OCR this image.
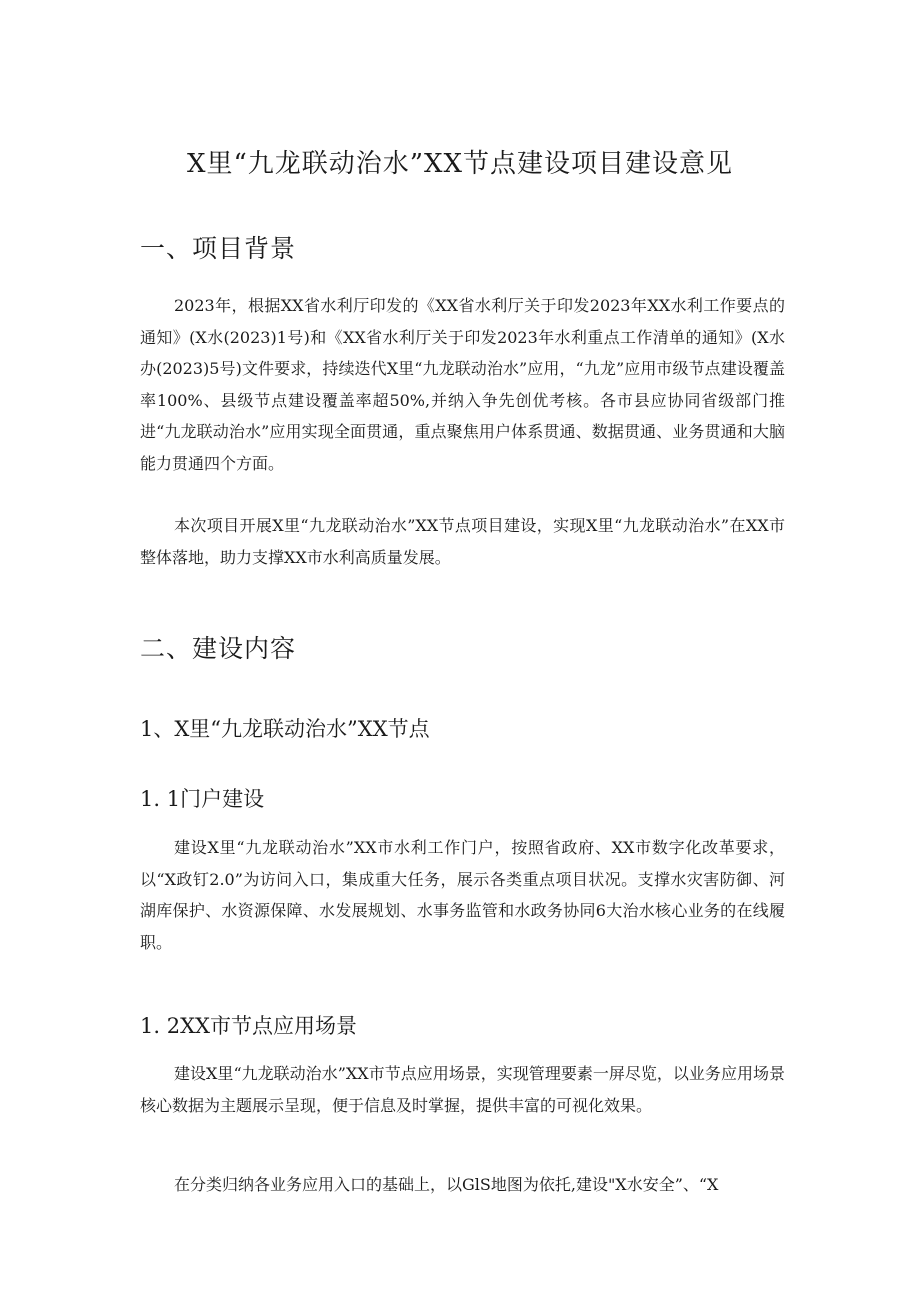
X里“九龙联动治水”XX节点建设项目建设意见
一、项目背景

2023年，根据XX省水利厅印发的《XX省水利厅关于印发2023年XX水利工作要点的通知》(X水(2023)1号)和《XX省水利厅关于印发2023年水利重点工作清单的通知》(X水办(2023)5号)文件要求，持续迭代X里“九龙联动治水”应用，“九龙”应用市级节点建设覆盖率100%、县级节点建设覆盖率超50%,并纳入争先创优考核。各市县应协同省级部门推进“九龙联动治水”应用实现全面贯通，重点聚焦用户体系贯通、数据贯通、业务贯通和大脑能力贯通四个方面。

本次项目开展X里“九龙联动治水”XX节点项目建设，实现X里“九龙联动治水”在XX市整体落地，助力支撑XX市水利高质量发展。

二、建设内容
1、X里“九龙联动治水”XX节点
1. 1门户建设

建设X里“九龙联动治水”XX市水利工作门户，按照省政府、XX市数字化改革要求，以“X政钉2.0”为访问入口，集成重大任务，展示各类重点项目状况。支撑水灾害防御、河湖库保护、水资源保障、水发展规划、水事务监管和水政务协同6大治水核心业务的在线履职。

1. 2XX市节点应用场景

建设X里“九龙联动治水”XX市节点应用场景，实现管理要素一屏尽览，以业务应用场景核心数据为主题展示呈现，便于信息及时掌握，提供丰富的可视化效果。

在分类归纳各业务应用入口的基础上，以GlS地图为依托,建设"X水安全”、“X
